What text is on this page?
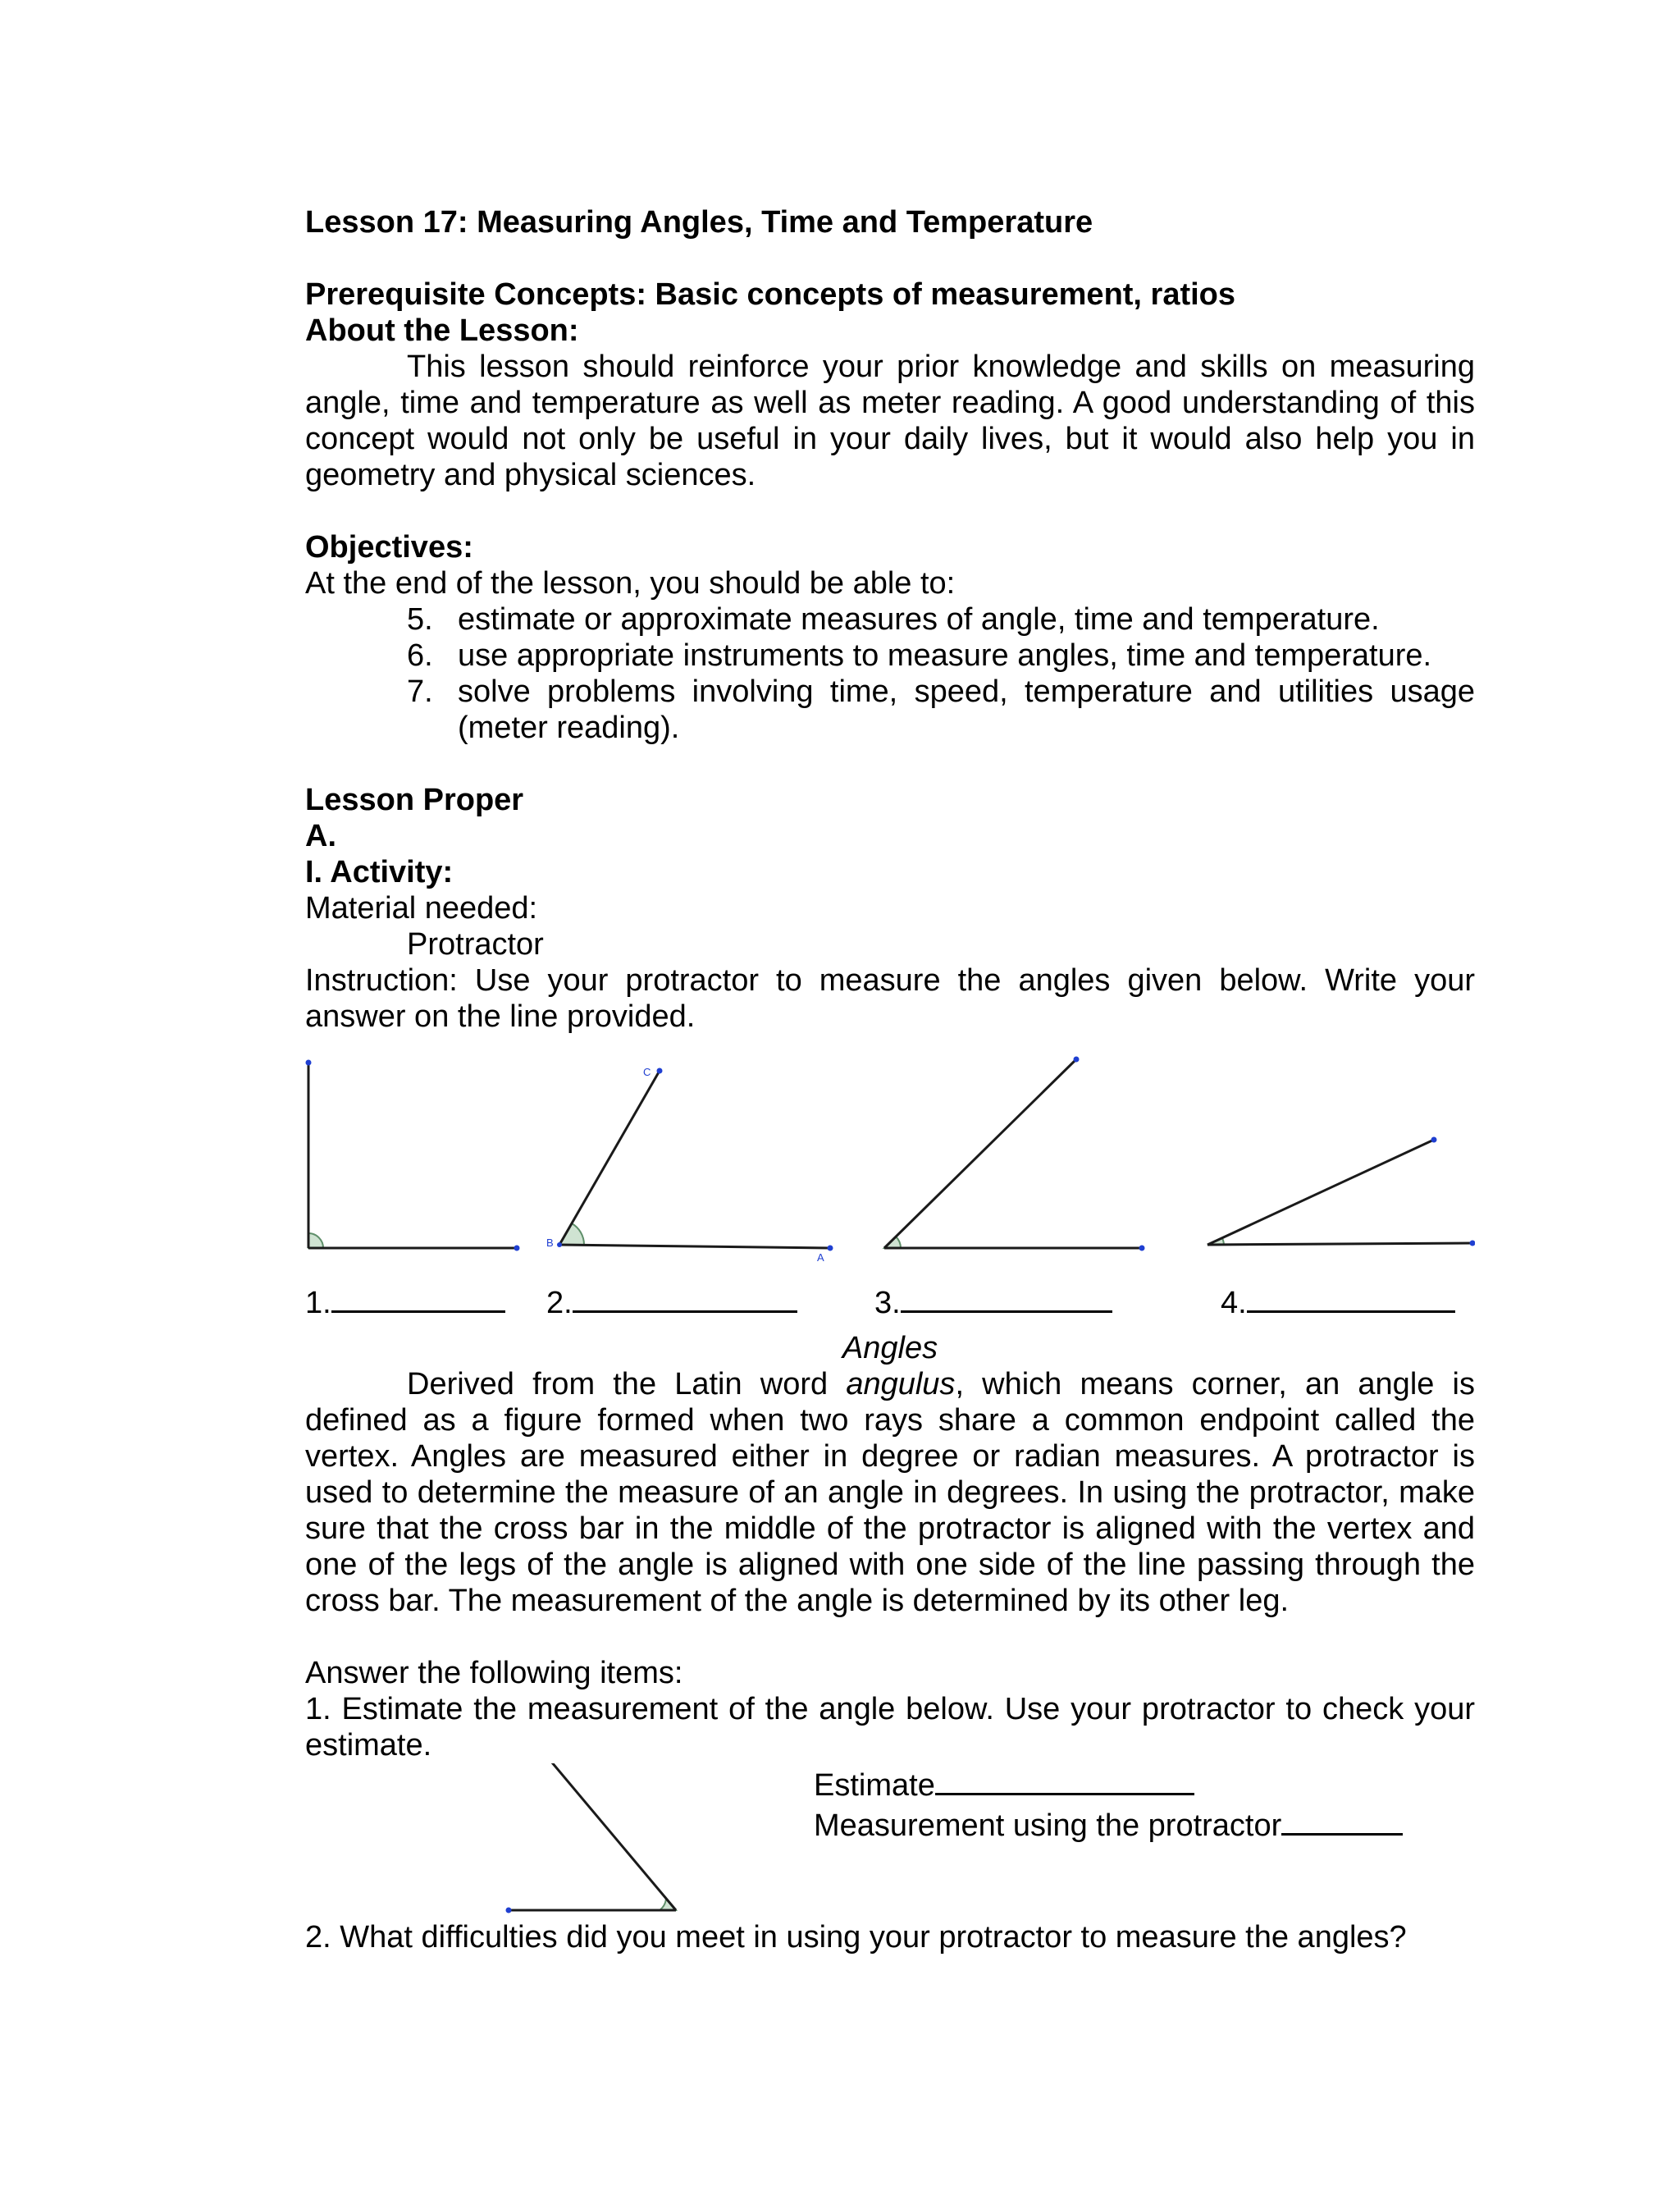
Lesson 17: Measuring Angles, Time and Temperature
Prerequisite Concepts: Basic concepts of measurement, ratios
About the Lesson:
This lesson should reinforce your prior knowledge and skills on measuring angle, time and temperature as well as meter reading. A good understanding of this concept would not only be useful in your daily lives, but it would also help you in geometry and physical sciences.
Objectives:
At the end of the lesson, you should be able to:
5. estimate or approximate measures of angle, time and temperature.
6. use appropriate instruments to measure angles, time and temperature.
7. solve problems involving time, speed, temperature and utilities usage (meter reading).
Lesson Proper
A.
I. Activity:
Material needed:
Protractor
Instruction: Use your protractor to measure the angles given below. Write your answer on the line provided.
C
B
A
1.	2.	3.	4.
Angles
Derived from the Latin word angulus, which means corner, an angle is defined as a figure formed when two rays share a common endpoint called the vertex. Angles are measured either in degree or radian measures. A protractor is used to determine the measure of an angle in degrees. In using the protractor, make sure that the cross bar in the middle of the protractor is aligned with the vertex and one of the legs of the angle is aligned with one side of the line passing through the cross bar. The measurement of the angle is determined by its other leg.
Answer the following items:
1. Estimate the measurement of the angle below. Use your protractor to check your estimate.
Estimate
Measurement using the protractor
2. What difficulties did you meet in using your protractor to measure the angles?
